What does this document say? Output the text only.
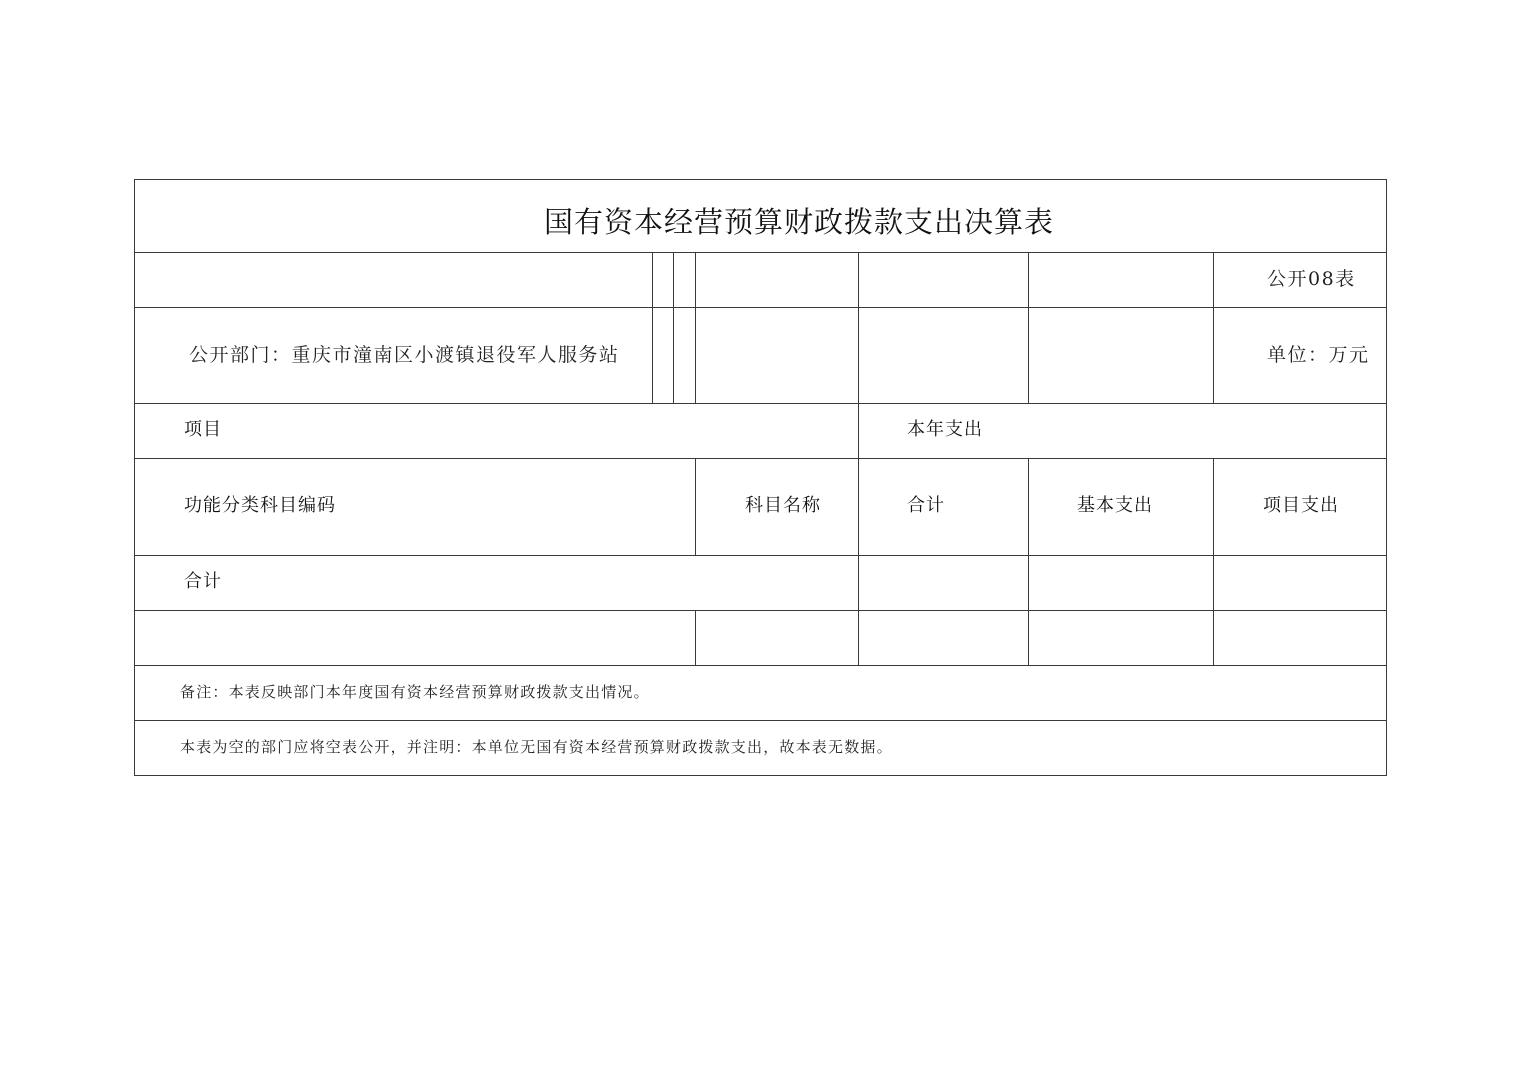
国有资本经营预算财政拨款支出决算表
公开08表
公开部门：重庆市潼南区小渡镇退役军人服务站	单位：万元
项目	本年支出
功能分类科目编码	科目名称	合计	基本支出	项目支出
合计
备注：本表反映部门本年度国有资本经营预算财政拨款支出情况。
本表为空的部门应将空表公开，并注明：本单位无国有资本经营预算财政拨款支出，故本表无数据。
